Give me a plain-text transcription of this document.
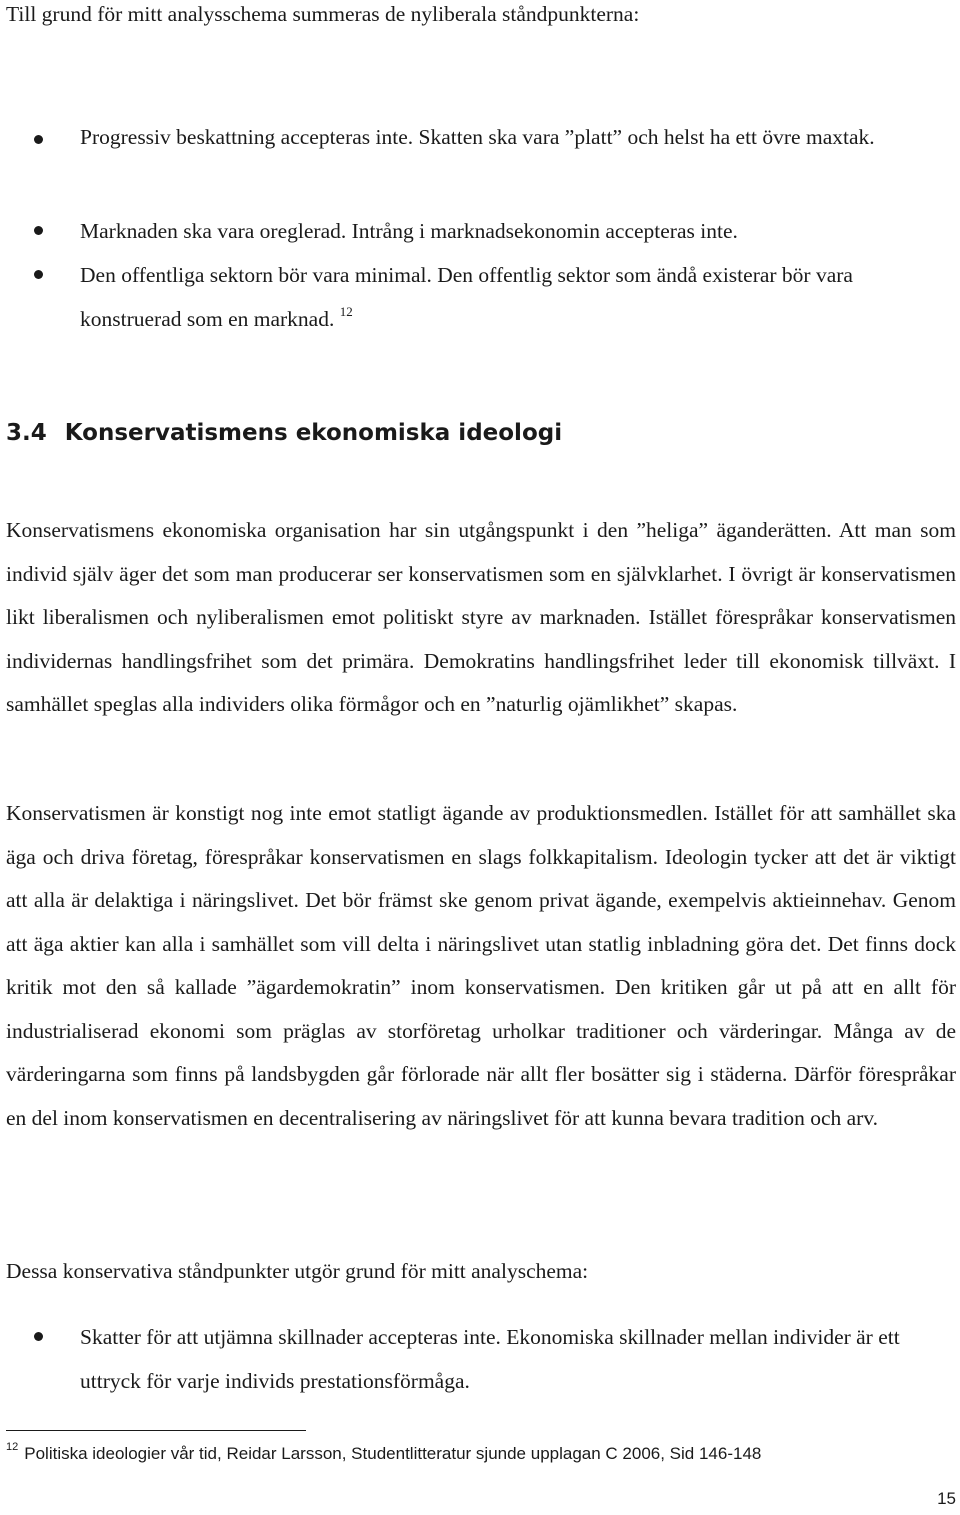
Till grund för mitt analysschema summeras de nyliberala ståndpunkterna:
Progressiv beskattning accepteras inte. Skatten ska vara ”platt” och helst ha ett övre maxtak.
Marknaden ska vara oreglerad. Intrång i marknadsekonomin accepteras inte.
Den offentliga sektorn bör vara minimal. Den offentlig sektor som ändå existerar bör vara konstruerad som en marknad. $^{12}$
3.4 Konservatismens ekonomiska ideologi

Konservatismens ekonomiska organisation har sin utgångspunkt i den ”heliga” äganderätten. Att man som individ själv äger det som man producerar ser konservatismen som en självklarhet. I övrigt är konservatismen likt liberalismen och nyliberalismen emot politiskt styre av marknaden. Istället förespråkar konservatismen individernas handlingsfrihet som det primära. Demokratins handlingsfrihet leder till ekonomisk tillväxt. I samhället speglas alla individers olika förmågor och en ”naturlig ojämlikhet” skapas.

Konservatismen är konstigt nog inte emot statligt ägande av produktionsmedlen. Istället för att samhället ska äga och driva företag, förespråkar konservatismen en slags folkkapitalism. Ideologin tycker att det är viktigt att alla är delaktiga i näringslivet. Det bör främst ske genom privat ägande, exempelvis aktieinnehav. Genom att äga aktier kan alla i samhället som vill delta i näringslivet utan statlig inbladning göra det. Det finns dock kritik mot den så kallade ”ägardemokratin” inom konservatismen. Den kritiken går ut på att en allt för industrialiserad ekonomi som präglas av storföretag urholkar traditioner och värderingar. Många av de värderingarna som finns på landsbygden går förlorade när allt fler bosätter sig i städerna. Därför förespråkar en del inom konservatismen en decentralisering av näringslivet för att kunna bevara tradition och arv.

Dessa konservativa ståndpunkter utgör grund för mitt analyschema:

Skatter för att utjämna skillnader accepteras inte. Ekonomiska skillnader mellan individer är ett uttryck för varje individs prestationsförmåga.
$^{12}$ Politiska ideologier vår tid, Reidar Larsson, Studentlitteratur sjunde upplagan C 2006, Sid 146-148
15
